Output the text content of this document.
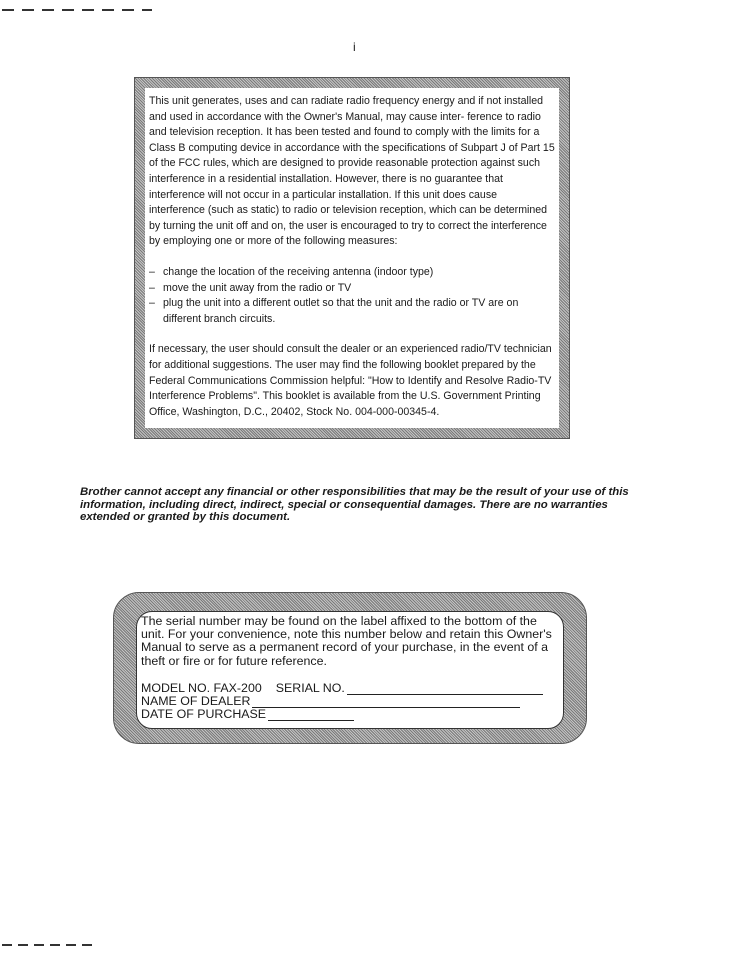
i

This unit generates, uses and can radiate radio frequency energy and if not installed and used in accordance with the Owner's Manual, may cause inter- ference to radio and television reception. It has been tested and found to comply with the limits for a Class B computing device in accordance with the specifications of Subpart J of Part 15 of the FCC rules, which are designed to provide reasonable protection against such interference in a residential installation. However, there is no guarantee that interference will not occur in a particular installation. If this unit does cause interference (such as static) to radio or television reception, which can be determined by turning the unit off and on, the user is encouraged to try to correct the interference by employing one or more of the following measures:

– change the location of the receiving antenna (indoor type)
– move the unit away from the radio or TV
– plug the unit into a different outlet so that the unit and the radio or TV are on different branch circuits.

If necessary, the user should consult the dealer or an experienced radio/TV technician for additional suggestions. The user may find the following booklet prepared by the Federal Communications Commission helpful: "How to Identify and Resolve Radio-TV Interference Problems". This booklet is available from the U.S. Government Printing Office, Washington, D.C., 20402, Stock No. 004-000-00345-4.

Brother cannot accept any financial or other responsibilities that may be the result of your use of this information, including direct, indirect, special or consequential damages. There are no warranties extended or granted by this document.

The serial number may be found on the label affixed to the bottom of the unit. For your convenience, note this number below and retain this Owner's Manual to serve as a permanent record of your purchase, in the event of a theft or fire or for future reference.

MODEL NO. FAX-200 SERIAL NO.
NAME OF DEALER
DATE OF PURCHASE
